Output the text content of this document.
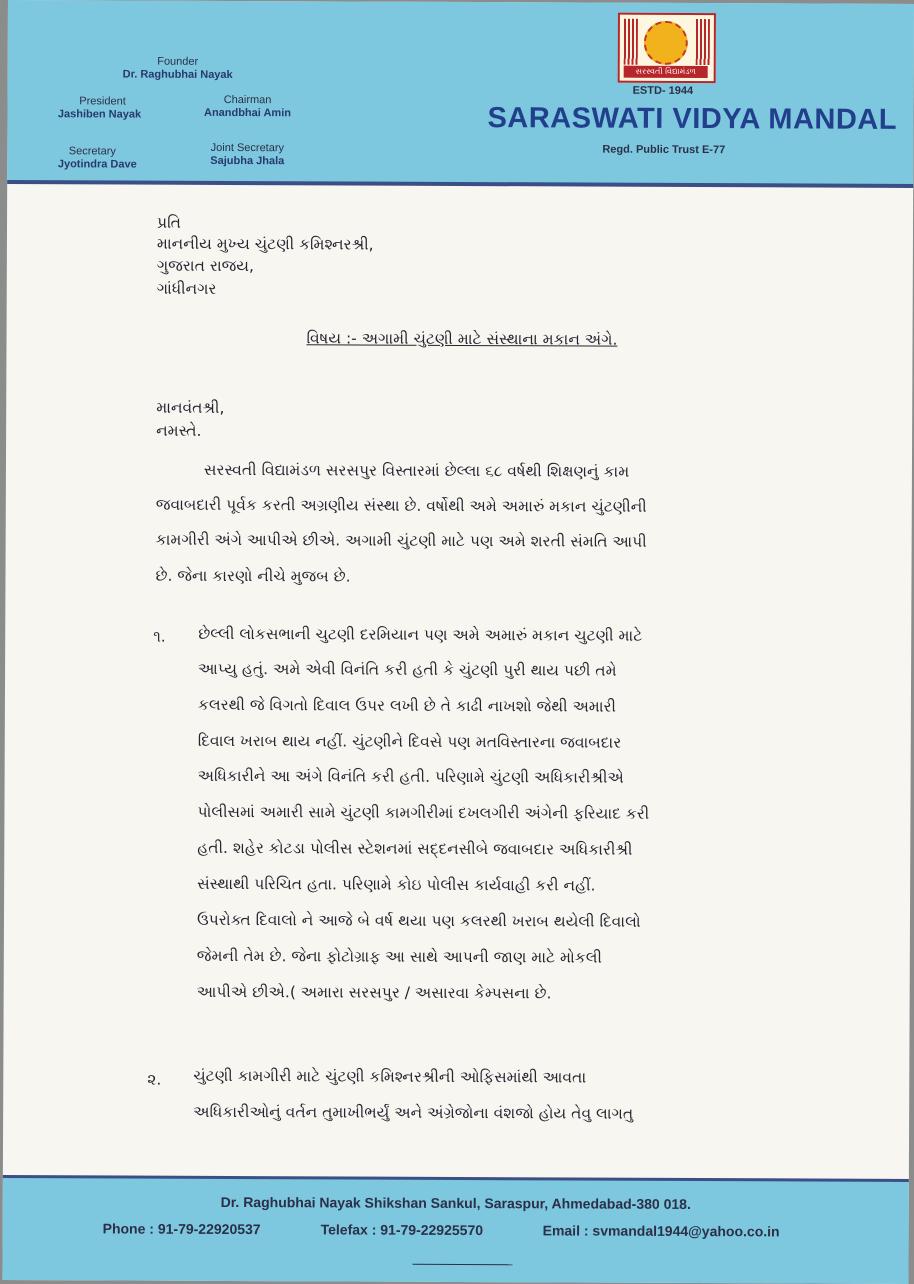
Founder
Dr. Raghubhai Nayak
President
Jashiben Nayak
Chairman
Anandbhai Amin
Secretary
Jyotindra Dave
Joint Secretary
Sajubha Jhala
સરસ્વતી વિદ્યામંડળ
ESTD- 1944
SARASWATI VIDYA MANDAL
Regd. Public Trust E-77
પ્રતિ
માનનીય મુખ્ય ચુંટણી કમિશ્નરશ્રી,
ગુજરાત રાજય,
ગાંધીનગર
વિષય :- અગામી ચુંટણી માટે સંસ્થાના મકાન અંગે.
માનવંતશ્રી,
નમસ્તે.
સરસ્વતી વિદ્યામંડળ સરસપુર વિસ્તારમાં છેલ્લા ૬૮ વર્ષથી શિક્ષણનું કામ
જવાબદારી પૂર્વક કરતી અગ્રણીય સંસ્થા છે. વર્ષોથી અમે અમારું મકાન ચુંટણીની
કામગીરી અંગે આપીએ છીએ. અગામી ચુંટણી માટે પણ અમે શરતી સંમતિ આપી
છે. જેના કારણો નીચે મુજબ છે.
૧. છેલ્લી લોકસભાની ચુટણી દરમિયાન પણ અમે અમારું મકાન ચુટણી માટે
આપ્યુ હતું. અમે એવી વિનંતિ કરી હતી કે ચુંટણી પુરી થાય પછી તમે
કલરથી જે વિગતો દિવાલ ઉપર લખી છે તે કાઢી નાખશો જેથી અમારી
દિવાલ ખરાબ થાય નહીં. ચુંટણીને દિવસે પણ મતવિસ્તારના જવાબદાર
અધિકારીને આ અંગે વિનંતિ કરી હતી. પરિણામે ચુંટણી અધિકારીશ્રીએ
પોલીસમાં અમારી સામે ચુંટણી કામગીરીમાં દખલગીરી અંગેની ફરિયાદ કરી
હતી. શહેર કોટડા પોલીસ સ્ટેશનમાં સદ્દનસીબે જવાબદાર અધિકારીશ્રી
સંસ્થાથી પરિચિત હતા. પરિણામે કોઇ પોલીસ કાર્યવાહી કરી નહીં.
ઉપરોક્ત દિવાલો ને આજે બે વર્ષ થયા પણ કલરથી ખરાબ થયેલી દિવાલો
જેમની તેમ છે. જેના ફોટોગ્રાફ આ સાથે આપની જાણ માટે મોકલી
આપીએ છીએ.( અમારા સરસપુર / અસારવા કેમ્પસના છે.
૨. ચુંટણી કામગીરી માટે ચુંટણી કમિશ્નરશ્રીની ઓફિસમાંથી આવતા
અધિકારીઓનું વર્તન તુમાખીભર્યું અને અંગ્રેજોના વંશજો હોય તેવુ લાગતુ
Dr. Raghubhai Nayak Shikshan Sankul, Saraspur, Ahmedabad-380 018.
Phone : 91-79-22920537	Telefax : 91-79-22925570	Email : svmandal1944@yahoo.co.in
